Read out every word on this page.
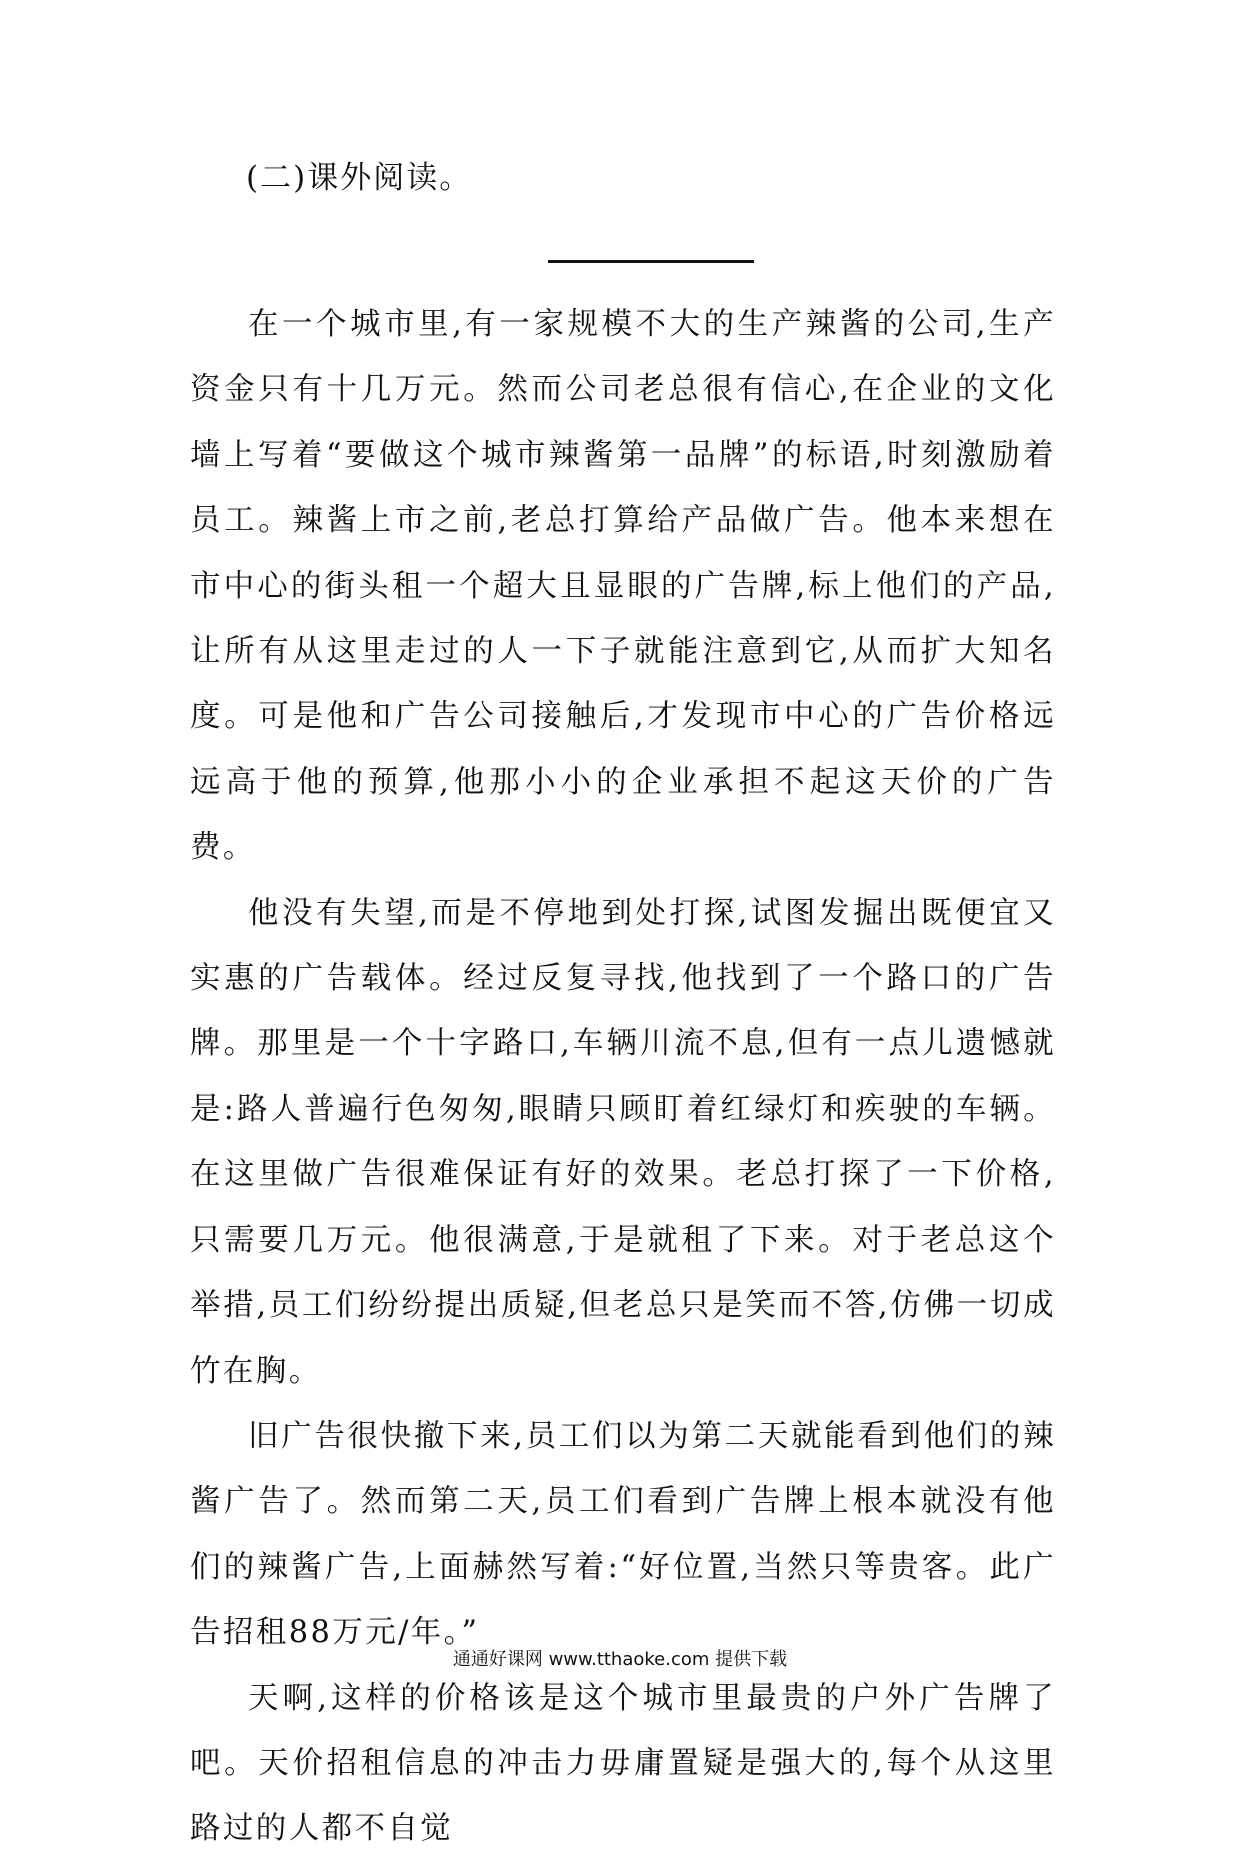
(二)课外阅读。

在一个城市里,有一家规模不大的生产辣酱的公司,生产资金只有十几万元。然而公司老总很有信心,在企业的文化墙上写着“要做这个城市辣酱第一品牌”的标语,时刻激励着员工。辣酱上市之前,老总打算给产品做广告。他本来想在市中心的街头租一个超大且显眼的广告牌,标上他们的产品,让所有从这里走过的人一下子就能注意到它,从而扩大知名度。可是他和广告公司接触后,才发现市中心的广告价格远远高于他的预算,他那小小的企业承担不起这天价的广告费。

他没有失望,而是不停地到处打探,试图发掘出既便宜又实惠的广告载体。经过反复寻找,他找到了一个路口的广告牌。那里是一个十字路口,车辆川流不息,但有一点儿遗憾就是:路人普遍行色匆匆,眼睛只顾盯着红绿灯和疾驶的车辆。在这里做广告很难保证有好的效果。老总打探了一下价格,只需要几万元。他很满意,于是就租了下来。对于老总这个举措,员工们纷纷提出质疑,但老总只是笑而不答,仿佛一切成竹在胸。

旧广告很快撤下来,员工们以为第二天就能看到他们的辣酱广告了。然而第二天,员工们看到广告牌上根本就没有他们的辣酱广告,上面赫然写着:“好位置,当然只等贵客。此广告招租88万元/年。”

天啊,这样的价格该是这个城市里最贵的户外广告牌了吧。天价招租信息的冲击力毋庸置疑是强大的,每个从这里路过的人都不自觉

通通好课网 www.tthaoke.com 提供下载
